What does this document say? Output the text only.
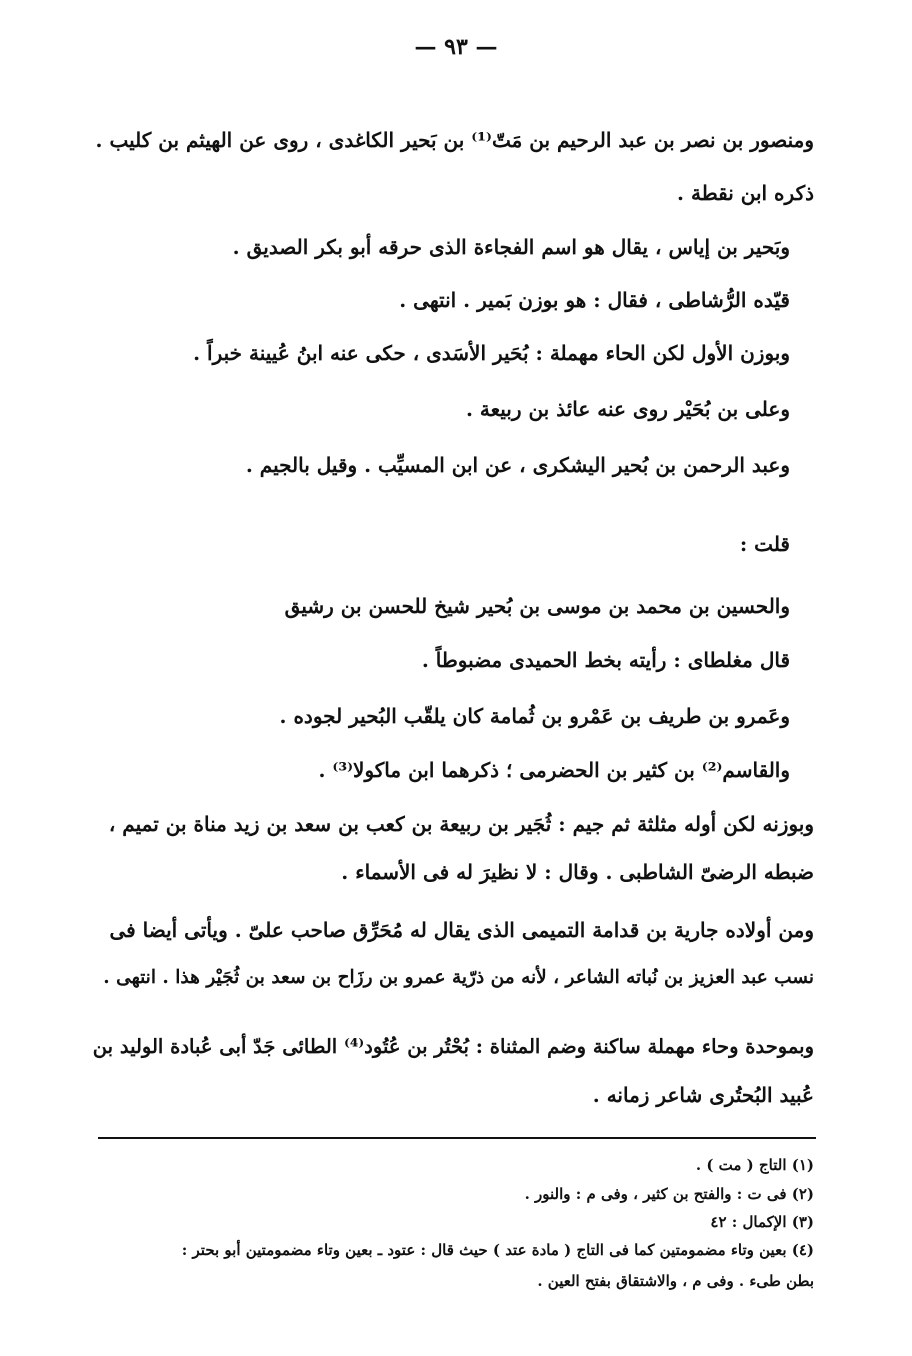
— ٩٣ —
ومنصور بن نصر بن عبد الرحيم بن مَتّ⁽¹⁾ بن بَحير الكاغدى ، روى عن الهيثم بن كليب .
ذكره ابن نقطة .
وبَحير بن إياس ، يقال هو اسم الفجاءة الذى حرقه أبو بكر الصديق .
قيّده الرُّشاطى ، فقال : هو بوزن بَمير . انتهى .
وبوزن الأول لكن الحاء مهملة : بُحَير الأسَدى ، حكى عنه ابنُ عُيينة خبراً .
وعلى بن بُحَيْر روى عنه عائذ بن ربيعة .
وعبد الرحمن بن بُحير اليشكرى ، عن ابن المسيِّب . وقيل بالجيم .
قلت :
والحسين بن محمد بن موسى بن بُحير شيخ للحسن بن رشيق
قال مغلطاى : رأيته بخط الحميدى مضبوطاً .
وعَمرو بن طريف بن عَمْرو بن ثُمامة كان يلقّب البُحير لجوده .
والقاسم⁽²⁾ بن كثير بن الحضرمى ؛ ذكرهما ابن ماكولا⁽³⁾ .
وبوزنه لكن أوله مثلثة ثم جيم : ثُجَير بن ربيعة بن كعب بن سعد بن زيد مناة بن تميم ،
ضبطه الرضىّ الشاطبى . وقال : لا نظيرَ له فى الأسماء .
ومن أولاده جارية بن قدامة التميمى الذى يقال له مُحَرِّق صاحب علىّ . ويأتى أيضا فى
نسب عبد العزيز بن نُباته الشاعر ، لأنه من ذرّية عمرو بن رزَاح بن سعد بن ثُجَيْر هذا . انتهى .
وبموحدة وحاء مهملة ساكنة وضم المثناة : بُحْتُر بن عُتُود⁽⁴⁾ الطائى جَدّ أبى عُبادة الوليد بن
عُبيد البُحتُرى شاعر زمانه .
(١) التاج ( مت ) .
(٢) فى ت : والفتح بن كثير ، وفى م : والنور .
(٣) الإكمال : ٤٢
(٤) بعين وتاء مضمومتين كما فى التاج ( مادة عتد ) حيث قال : عتود ـ بعين وتاء مضمومتين أبو بحتر :
بطن طىء . وفى م ، والاشتقاق بفتح العين .
